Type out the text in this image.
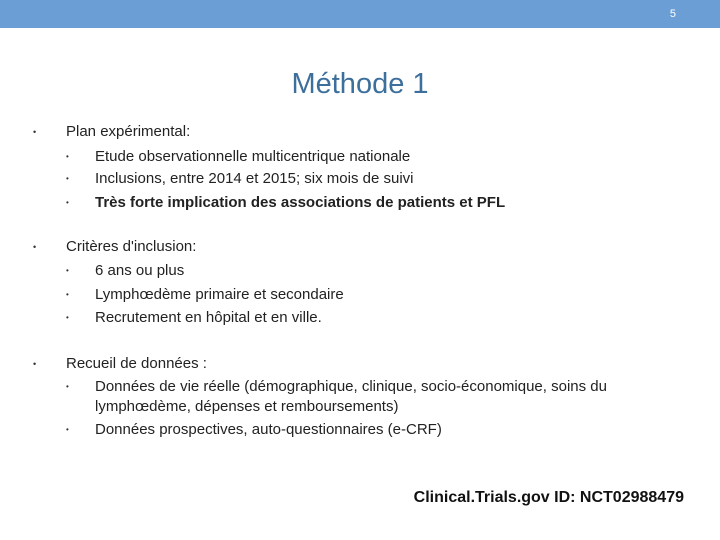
5
Méthode 1
• Plan expérimental:
• Etude observationnelle multicentrique nationale
• Inclusions, entre 2014 et 2015; six mois de suivi
• Très forte implication des associations de patients et PFL
• Critères d'inclusion:
• 6 ans ou plus
• Lymphœdème primaire et secondaire
• Recrutement en hôpital et en ville.
• Recueil de données :
• Données de vie réelle (démographique, clinique, socio-économique, soins du lymphœdème, dépenses et remboursements)
• Données prospectives, auto-questionnaires (e-CRF)
Clinical.Trials.gov ID: NCT02988479
